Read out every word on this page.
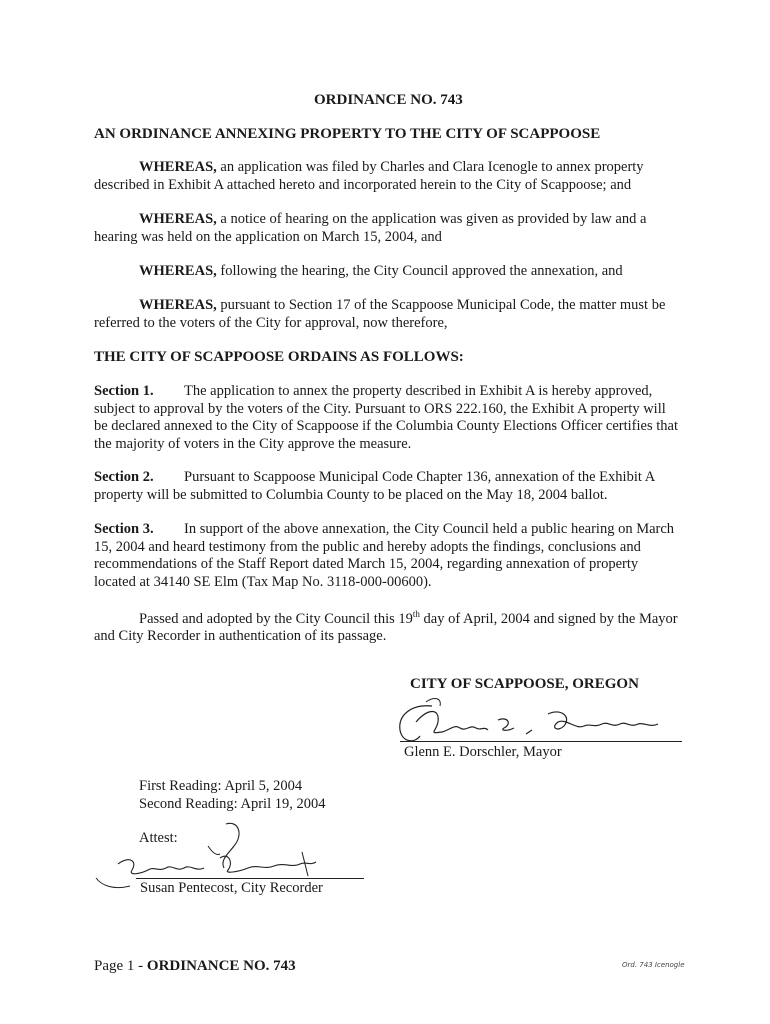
ORDINANCE NO. 743
AN ORDINANCE ANNEXING PROPERTY TO THE CITY OF SCAPPOOSE
WHEREAS, an application was filed by Charles and Clara Icenogle to annex property described in Exhibit A attached hereto and incorporated herein to the City of Scappoose; and
WHEREAS, a notice of hearing on the application was given as provided by law and a hearing was held on the application on March 15, 2004, and
WHEREAS, following the hearing, the City Council approved the annexation, and
WHEREAS, pursuant to Section 17 of the Scappoose Municipal Code, the matter must be referred to the voters of the City for approval, now therefore,
THE CITY OF SCAPPOOSE ORDAINS AS FOLLOWS:
Section 1. The application to annex the property described in Exhibit A is hereby approved, subject to approval by the voters of the City. Pursuant to ORS 222.160, the Exhibit A property will be declared annexed to the City of Scappoose if the Columbia County Elections Officer certifies that the majority of voters in the City approve the measure.
Section 2. Pursuant to Scappoose Municipal Code Chapter 136, annexation of the Exhibit A property will be submitted to Columbia County to be placed on the May 18, 2004 ballot.
Section 3. In support of the above annexation, the City Council held a public hearing on March 15, 2004 and heard testimony from the public and hereby adopts the findings, conclusions and recommendations of the Staff Report dated March 15, 2004, regarding annexation of property located at 34140 SE Elm (Tax Map No. 3118-000-00600).
Passed and adopted by the City Council this 19th day of April, 2004 and signed by the Mayor and City Recorder in authentication of its passage.
CITY OF SCAPPOOSE, OREGON
Glenn E. Dorschler, Mayor
First Reading: April 5, 2004
Second Reading: April 19, 2004
Attest:
Susan Pentecost, City Recorder
Page 1 - ORDINANCE NO. 743	Ord. 743 Icenogle
